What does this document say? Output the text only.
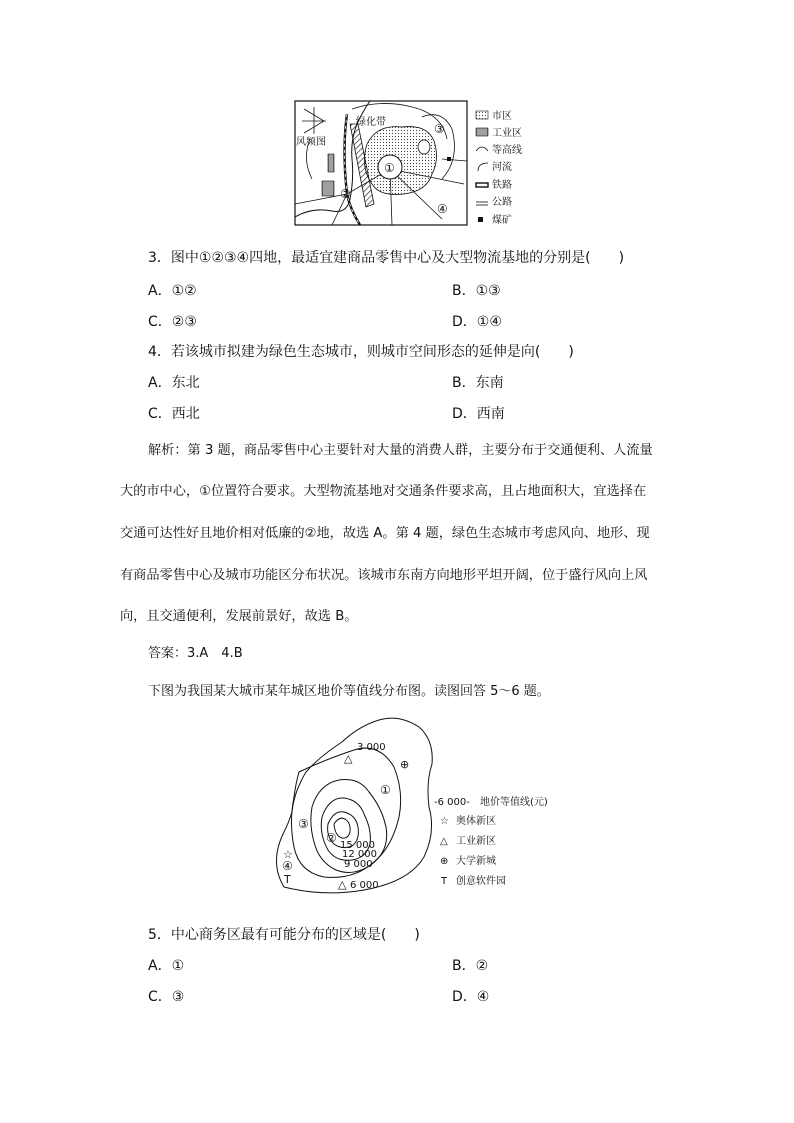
风频图
绿化带
①
②
③
④
市区
工业区
等高线
河流
铁路
公路
煤矿
3．图中①②③④四地，最适宜建商品零售中心及大型物流基地的分别是(　　)
A．①②	B．①③
C．②③	D．①④
4．若该城市拟建为绿色生态城市，则城市空间形态的延伸是向(　　)
A．东北	B．东南
C．西北	D．西南
解析：第 3 题，商品零售中心主要针对大量的消费人群，主要分布于交通便利、人流量
大的市中心，①位置符合要求。大型物流基地对交通条件要求高，且占地面积大，宜选择在
交通可达性好且地价相对低廉的②地，故选 A。第 4 题，绿色生态城市考虑风向、地形、现
有商品零售中心及城市功能区分布状况。该城市东南方向地形平坦开阔，位于盛行风向上风
向，且交通便利，发展前景好，故选 B。
答案：3.A　4.B
下图为我国某大城市某年城区地价等值线分布图。读图回答 5～6 题。
3 000
6 000
9 000
12 000
15 000
①
②
③
④
△
△
⊕
☆
T
-6 000- 地价等值线(元)
☆ 奥体新区
△ 工业新区
⊕ 大学新城
T 创意软件园
5．中心商务区最有可能分布的区域是(　　)
A．①	B．②
C．③	D．④
